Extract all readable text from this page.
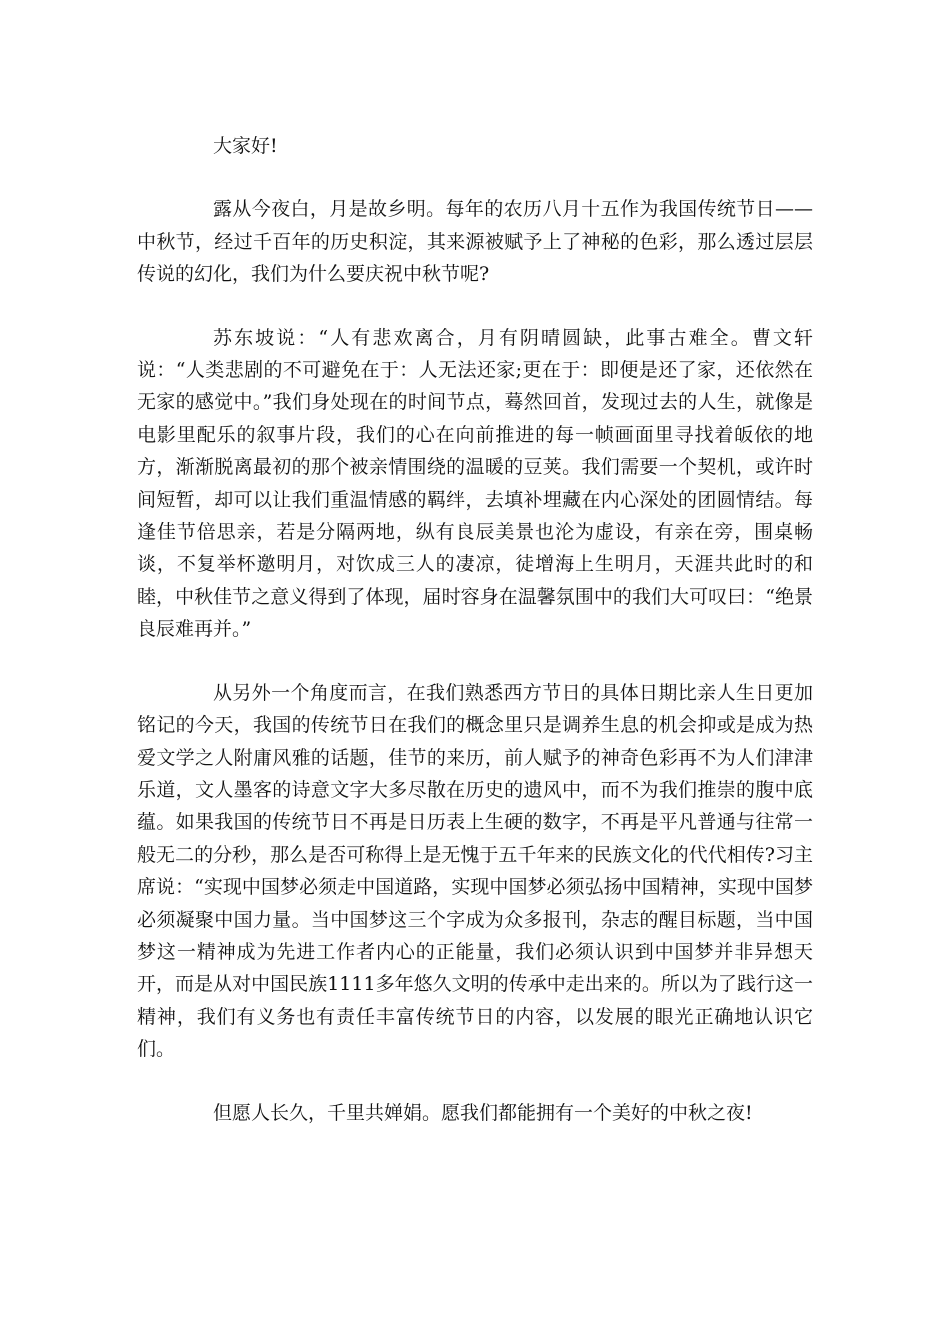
大家好!

露从今夜白，月是故乡明。每年的农历八月十五作为我国传统节日——中秋节，经过千百年的历史积淀，其来源被赋予上了神秘的色彩，那么透过层层传说的幻化，我们为什么要庆祝中秋节呢?

苏东坡说：“人有悲欢离合，月有阴晴圆缺，此事古难全。曹文轩说：“人类悲剧的不可避免在于：人无法还家;更在于：即便是还了家，还依然在无家的感觉中。”我们身处现在的时间节点，蓦然回首，发现过去的人生，就像是电影里配乐的叙事片段，我们的心在向前推进的每一帧画面里寻找着皈依的地方，渐渐脱离最初的那个被亲情围绕的温暖的豆荚。我们需要一个契机，或许时间短暂，却可以让我们重温情感的羁绊，去填补埋藏在内心深处的团圆情结。每逢佳节倍思亲，若是分隔两地，纵有良辰美景也沦为虚设，有亲在旁，围桌畅谈，不复举杯邀明月，对饮成三人的凄凉，徒增海上生明月，天涯共此时的和睦，中秋佳节之意义得到了体现，届时容身在温馨氛围中的我们大可叹曰：“绝景良辰难再并。”

从另外一个角度而言，在我们熟悉西方节日的具体日期比亲人生日更加铭记的今天，我国的传统节日在我们的概念里只是调养生息的机会抑或是成为热爱文学之人附庸风雅的话题，佳节的来历，前人赋予的神奇色彩再不为人们津津乐道，文人墨客的诗意文字大多尽散在历史的遗风中，而不为我们推崇的腹中底蕴。如果我国的传统节日不再是日历表上生硬的数字，不再是平凡普通与往常一般无二的分秒，那么是否可称得上是无愧于五千年来的民族文化的代代相传?习主席说：“实现中国梦必须走中国道路，实现中国梦必须弘扬中国精神，实现中国梦必须凝聚中国力量。当中国梦这三个字成为众多报刊，杂志的醒目标题，当中国梦这一精神成为先进工作者内心的正能量，我们必须认识到中国梦并非异想天开，而是从对中国民族1111多年悠久文明的传承中走出来的。所以为了践行这一精神，我们有义务也有责任丰富传统节日的内容，以发展的眼光正确地认识它们。

但愿人长久，千里共婵娟。愿我们都能拥有一个美好的中秋之夜!
